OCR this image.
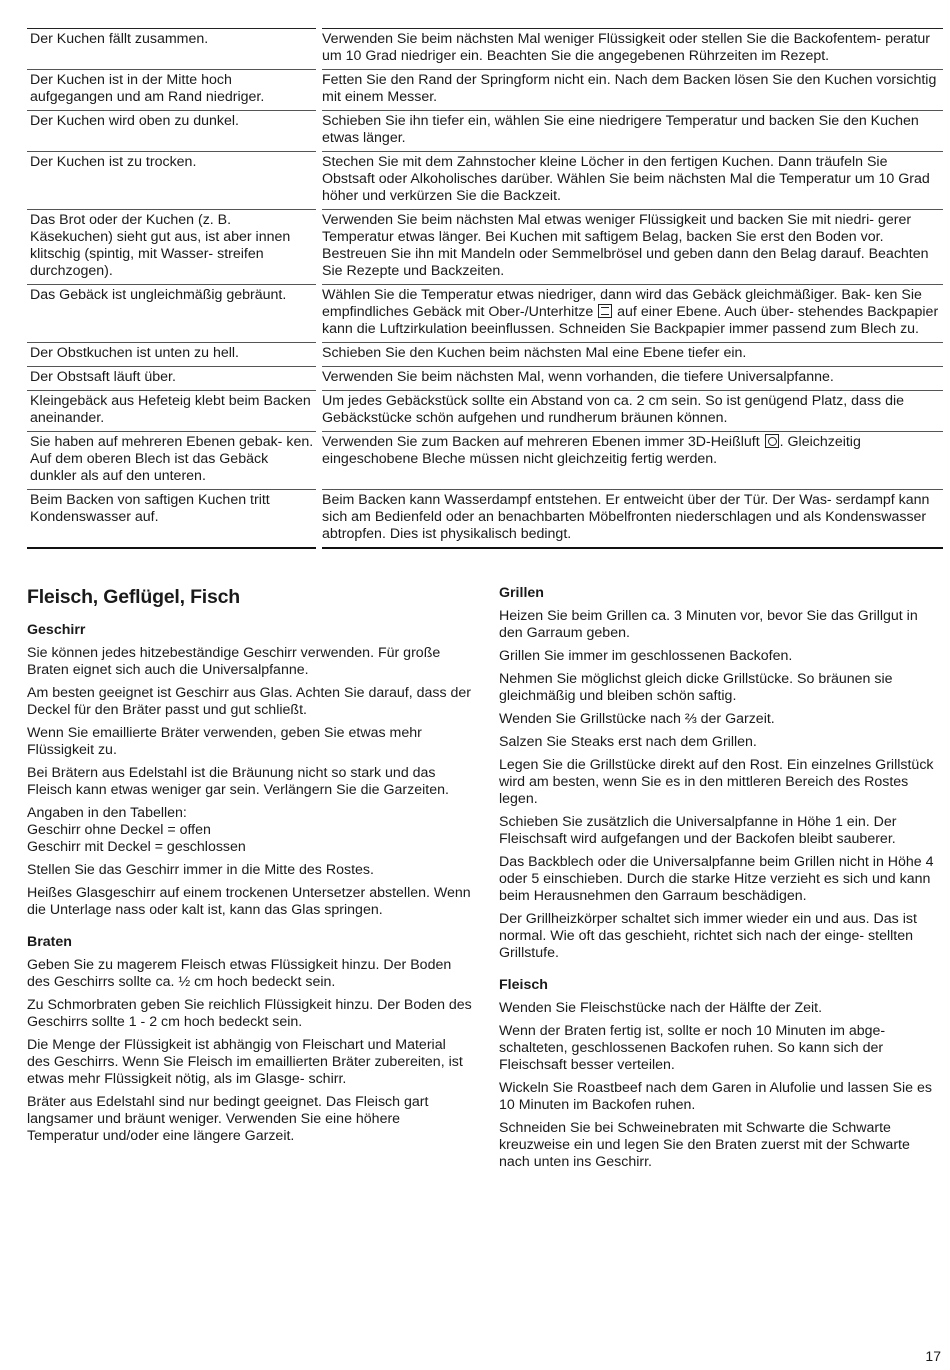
Der Kuchen fällt zusammen.	Verwenden Sie beim nächsten Mal weniger Flüssigkeit oder stellen Sie die Backofentem- peratur um 10 Grad niedriger ein. Beachten Sie die angegebenen Rührzeiten im Rezept.
Der Kuchen ist in der Mitte hoch aufgegangen und am Rand niedriger.	Fetten Sie den Rand der Springform nicht ein. Nach dem Backen lösen Sie den Kuchen vorsichtig mit einem Messer.
Der Kuchen wird oben zu dunkel.	Schieben Sie ihn tiefer ein, wählen Sie eine niedrigere Temperatur und backen Sie den Kuchen etwas länger.
Der Kuchen ist zu trocken.	Stechen Sie mit dem Zahnstocher kleine Löcher in den fertigen Kuchen. Dann träufeln Sie Obstsaft oder Alkoholisches darüber. Wählen Sie beim nächsten Mal die Temperatur um 10 Grad höher und verkürzen Sie die Backzeit.
Das Brot oder der Kuchen (z. B. Käsekuchen) sieht gut aus, ist aber innen klitschig (spintig, mit Wasser- streifen durchzogen).	Verwenden Sie beim nächsten Mal etwas weniger Flüssigkeit und backen Sie mit niedri- gerer Temperatur etwas länger. Bei Kuchen mit saftigem Belag, backen Sie erst den Boden vor. Bestreuen Sie ihn mit Mandeln oder Semmelbrösel und geben dann den Belag darauf. Beachten Sie Rezepte und Backzeiten.
Das Gebäck ist ungleichmäßig gebräunt.	Wählen Sie die Temperatur etwas niedriger, dann wird das Gebäck gleichmäßiger. Bak- ken Sie empfindliches Gebäck mit Ober-/Unterhitze auf einer Ebene. Auch über- stehendes Backpapier kann die Luftzirkulation beeinflussen. Schneiden Sie Backpapier immer passend zum Blech zu.
Der Obstkuchen ist unten zu hell.	Schieben Sie den Kuchen beim nächsten Mal eine Ebene tiefer ein.
Der Obstsaft läuft über.	Verwenden Sie beim nächsten Mal, wenn vorhanden, die tiefere Universalpfanne.
Kleingebäck aus Hefeteig klebt beim Backen aneinander.	Um jedes Gebäckstück sollte ein Abstand von ca. 2 cm sein. So ist genügend Platz, dass die Gebäckstücke schön aufgehen und rundherum bräunen können.
Sie haben auf mehreren Ebenen gebak- ken. Auf dem oberen Blech ist das Gebäck dunkler als auf den unteren.	Verwenden Sie zum Backen auf mehreren Ebenen immer 3D-Heißluft . Gleichzeitig eingeschobene Bleche müssen nicht gleichzeitig fertig werden.
Beim Backen von saftigen Kuchen tritt Kondenswasser auf.	Beim Backen kann Wasserdampf entstehen. Er entweicht über der Tür. Der Was- serdampf kann sich am Bedienfeld oder an benachbarten Möbelfronten niederschlagen und als Kondenswasser abtropfen. Dies ist physikalisch bedingt.
Fleisch, Geflügel, Fisch
Geschirr

Sie können jedes hitzebeständige Geschirr verwenden. Für große Braten eignet sich auch die Universalpfanne.

Am besten geeignet ist Geschirr aus Glas. Achten Sie darauf, dass der Deckel für den Bräter passt und gut schließt.

Wenn Sie emaillierte Bräter verwenden, geben Sie etwas mehr Flüssigkeit zu.

Bei Brätern aus Edelstahl ist die Bräunung nicht so stark und das Fleisch kann etwas weniger gar sein. Verlängern Sie die Garzeiten.

Angaben in den Tabellen:
Geschirr ohne Deckel = offen
Geschirr mit Deckel = geschlossen

Stellen Sie das Geschirr immer in die Mitte des Rostes.

Heißes Glasgeschirr auf einem trockenen Untersetzer abstellen. Wenn die Unterlage nass oder kalt ist, kann das Glas springen.

Braten

Geben Sie zu magerem Fleisch etwas Flüssigkeit hinzu. Der Boden des Geschirrs sollte ca. ½ cm hoch bedeckt sein.

Zu Schmorbraten geben Sie reichlich Flüssigkeit hinzu. Der Boden des Geschirrs sollte 1 - 2 cm hoch bedeckt sein.

Die Menge der Flüssigkeit ist abhängig von Fleischart und Material des Geschirrs. Wenn Sie Fleisch im emaillierten Bräter zubereiten, ist etwas mehr Flüssigkeit nötig, als im Glasge- schirr.

Bräter aus Edelstahl sind nur bedingt geeignet. Das Fleisch gart langsamer und bräunt weniger. Verwenden Sie eine höhere Temperatur und/oder eine längere Garzeit.

Grillen

Heizen Sie beim Grillen ca. 3 Minuten vor, bevor Sie das Grillgut in den Garraum geben.

Grillen Sie immer im geschlossenen Backofen.

Nehmen Sie möglichst gleich dicke Grillstücke. So bräunen sie gleichmäßig und bleiben schön saftig.

Wenden Sie Grillstücke nach ⅔ der Garzeit.

Salzen Sie Steaks erst nach dem Grillen.

Legen Sie die Grillstücke direkt auf den Rost. Ein einzelnes Grillstück wird am besten, wenn Sie es in den mittleren Bereich des Rostes legen.

Schieben Sie zusätzlich die Universalpfanne in Höhe 1 ein. Der Fleischsaft wird aufgefangen und der Backofen bleibt sauberer.

Das Backblech oder die Universalpfanne beim Grillen nicht in Höhe 4 oder 5 einschieben. Durch die starke Hitze verzieht es sich und kann beim Herausnehmen den Garraum beschädigen.

Der Grillheizkörper schaltet sich immer wieder ein und aus. Das ist normal. Wie oft das geschieht, richtet sich nach der einge- stellten Grillstufe.

Fleisch

Wenden Sie Fleischstücke nach der Hälfte der Zeit.

Wenn der Braten fertig ist, sollte er noch 10 Minuten im abge- schalteten, geschlossenen Backofen ruhen. So kann sich der Fleischsaft besser verteilen.

Wickeln Sie Roastbeef nach dem Garen in Alufolie und lassen Sie es 10 Minuten im Backofen ruhen.

Schneiden Sie bei Schweinebraten mit Schwarte die Schwarte kreuzweise ein und legen Sie den Braten zuerst mit der Schwarte nach unten ins Geschirr.

17
